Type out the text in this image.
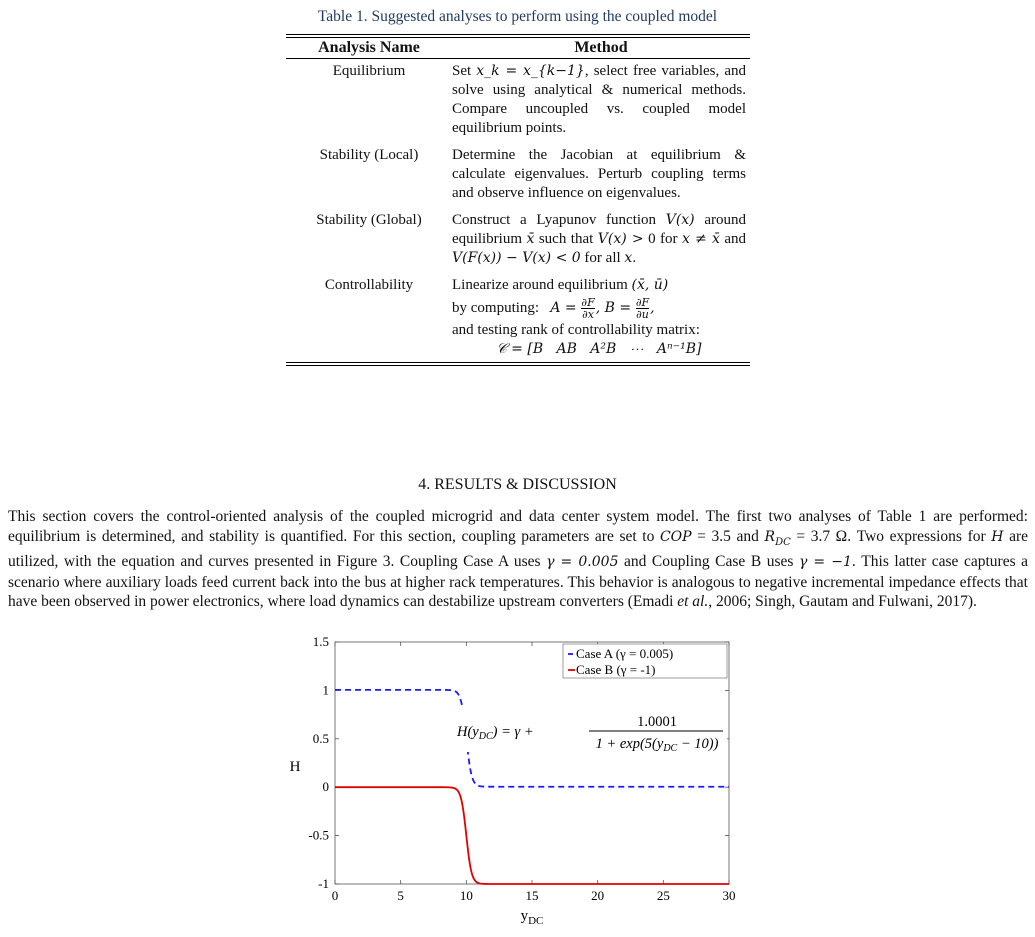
Table 1. Suggested analyses to perform using the coupled model
Analysis Name	Method
Equilibrium	Set x_k = x_{k−1}, select free variables, and solve using analytical & numerical methods. Compare uncoupled vs. coupled model equilibrium points.
Stability (Local)	Determine the Jacobian at equilibrium & calculate eigenvalues. Perturb coupling terms and observe influence on eigenvalues.
Stability (Global)	Construct a Lyapunov function V(x) around equilibrium x̄ such that V(x) > 0 for x ≠ x̄ and V(F(x)) − V(x) < 0 for all x.
Controllability	Linearize around equilibrium (x̄, ū)
by computing:   $A = \frac{\partial F}{\partial x}$ , $B = \frac{\partial F}{\partial u}$ ,
and testing rank of controllability matrix:
𝒞 = [B   AB   A²B   ⋯   Aⁿ⁻¹B]
4. RESULTS & DISCUSSION
This section covers the control-oriented analysis of the coupled microgrid and data center system model. The first two analyses of Table 1 are performed: equilibrium is determined, and stability is quantified. For this section, coupling parameters are set to COP = 3.5 and $R_{DC} = 3.7$ Ω. Two expressions for H are utilized, with the equation and curves presented in Figure 3. Coupling Case A uses γ = 0.005 and Coupling Case B uses γ = −1. This latter case captures a scenario where auxiliary loads feed current back into the bus at higher rack temperatures. This behavior is analogous to negative incremental impedance effects that have been observed in power electronics, where load dynamics can destabilize upstream converters (Emadi et al., 2006; Singh, Gautam and Fulwani, 2017).
0	5	10	15	20	25	30
-1
-0.5
0
0.5
1
1.5
Case A (γ = 0.005)
Case B (γ = -1)
$H(y_{DC}) = \gamma$ +
1.0001
$1 + \exp(5(y_{DC} - 10))$
H
$y_{DC}$
